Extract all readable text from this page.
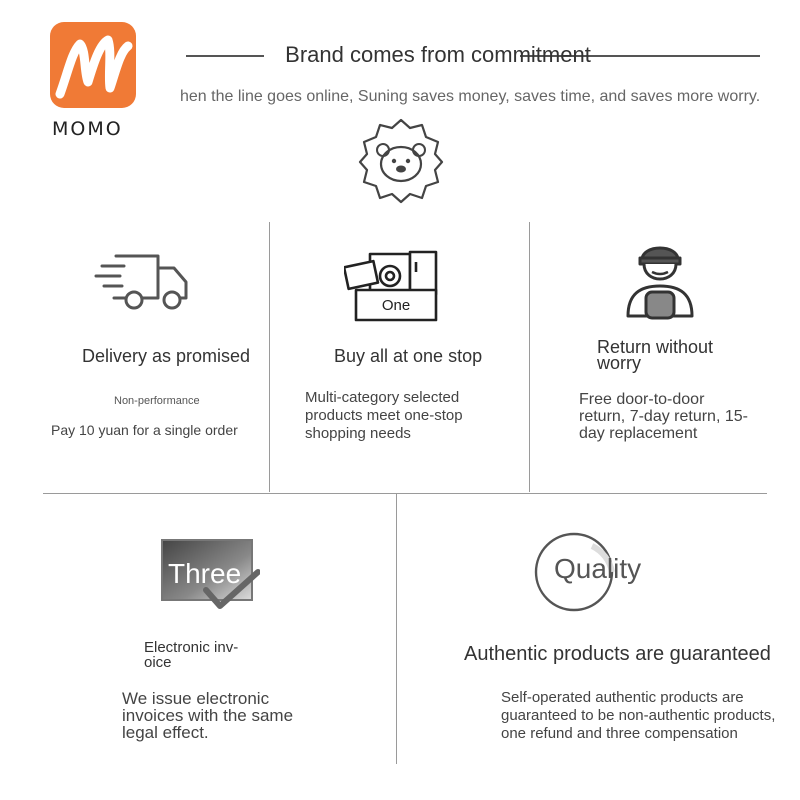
MOMO
Brand comes from commitment
hen the line goes online, Suning saves money, saves time, and saves more worry.
Delivery as promised
Non-performance
Pay 10 yuan for a single order
One
Buy all at one stop
Multi-category selected products meet one-stop shopping needs
Return without worry
Free door-to-door return, 7-day return, 15-day replacement
Three
Electronic inv-oice
We issue electronic invoices with the same legal effect.
Quality
Authentic products are guaranteed
Self-operated authentic products are guaranteed to be non-authentic products, one refund and three compensation
